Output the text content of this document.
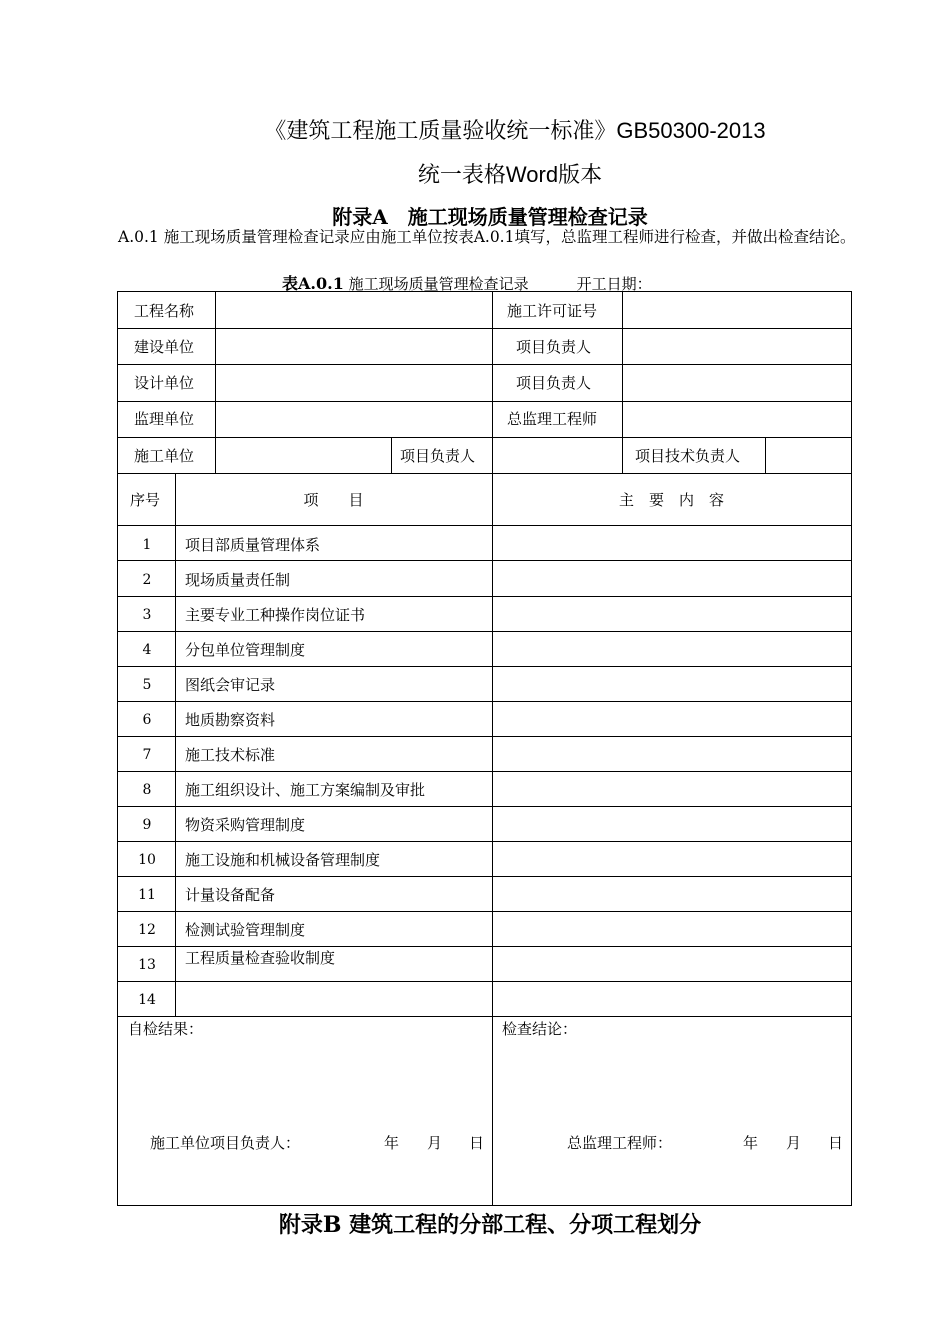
《建筑工程施工质量验收统一标准》GB50300-2013
统一表格Word版本
附录A　施工现场质量管理检查记录
A.0.1 施工现场质量管理检查记录应由施工单位按表A.0.1填写，总监理工程师进行检查，并做出检查结论。
表A.0.1 施工现场质量管理检查记录	开工日期：
工程名称	施工许可证号
建设单位	项目负责人
设计单位	项目负责人
监理单位	总监理工程师
施工单位	项目负责人	项目技术负责人
序号	项　　目	主　要　内　容
1	项目部质量管理体系
2	现场质量责任制
3	主要专业工种操作岗位证书
4	分包单位管理制度
5	图纸会审记录
6	地质勘察资料
7	施工技术标准
8	施工组织设计、施工方案编制及审批
9	物资采购管理制度
10	施工设施和机械设备管理制度
11	计量设备配备
12	检测试验管理制度
13	工程质量检查验收制度
14
自检结果：	检查结论：
施工单位项目负责人：	年 月 日	总监理工程师：	年 月 日
附录B 建筑工程的分部工程、分项工程划分
